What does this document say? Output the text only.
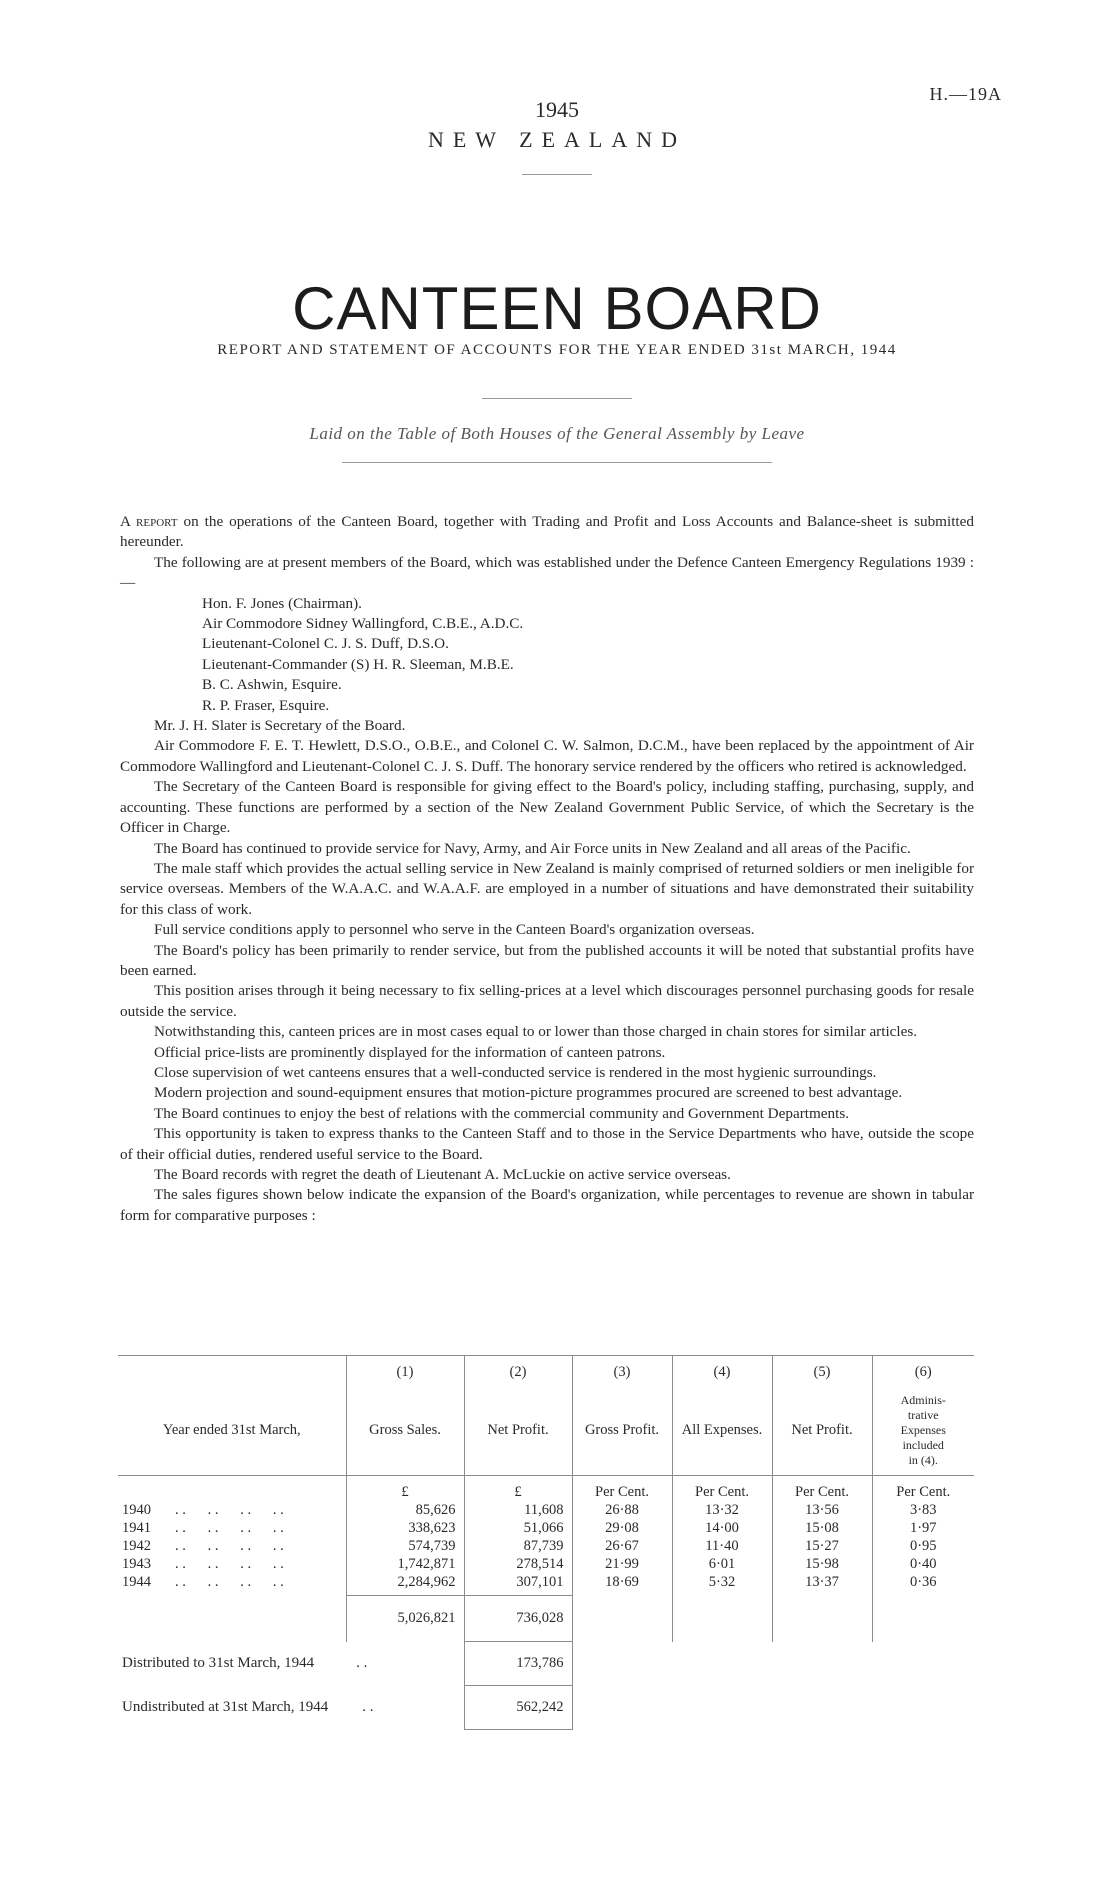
H.—19A
1945
NEW ZEALAND
CANTEEN BOARD
REPORT AND STATEMENT OF ACCOUNTS FOR THE YEAR ENDED 31st MARCH, 1944
Laid on the Table of Both Houses of the General Assembly by Leave

A report on the operations of the Canteen Board, together with Trading and Profit and Loss Accounts and Balance-sheet is submitted hereunder.

The following are at present members of the Board, which was established under the Defence Canteen Emergency Regulations 1939 :—

Hon. F. Jones (Chairman).

Air Commodore Sidney Wallingford, C.B.E., A.D.C.

Lieutenant-Colonel C. J. S. Duff, D.S.O.

Lieutenant-Commander (S) H. R. Sleeman, M.B.E.

B. C. Ashwin, Esquire.

R. P. Fraser, Esquire.

Mr. J. H. Slater is Secretary of the Board.

Air Commodore F. E. T. Hewlett, D.S.O., O.B.E., and Colonel C. W. Salmon, D.C.M., have been replaced by the appointment of Air Commodore Wallingford and Lieutenant-Colonel C. J. S. Duff. The honorary service rendered by the officers who retired is acknowledged.

The Secretary of the Canteen Board is responsible for giving effect to the Board's policy, including staffing, purchasing, supply, and accounting. These functions are performed by a section of the New Zealand Government Public Service, of which the Secretary is the Officer in Charge.

The Board has continued to provide service for Navy, Army, and Air Force units in New Zealand and all areas of the Pacific.

The male staff which provides the actual selling service in New Zealand is mainly comprised of returned soldiers or men ineligible for service overseas. Members of the W.A.A.C. and W.A.A.F. are employed in a number of situations and have demonstrated their suitability for this class of work.

Full service conditions apply to personnel who serve in the Canteen Board's organization overseas.

The Board's policy has been primarily to render service, but from the published accounts it will be noted that substantial profits have been earned.

This position arises through it being necessary to fix selling-prices at a level which discourages personnel purchasing goods for resale outside the service.

Notwithstanding this, canteen prices are in most cases equal to or lower than those charged in chain stores for similar articles.

Official price-lists are prominently displayed for the information of canteen patrons.

Close supervision of wet canteens ensures that a well-conducted service is rendered in the most hygienic surroundings.

Modern projection and sound-equipment ensures that motion-picture programmes procured are screened to best advantage.

The Board continues to enjoy the best of relations with the commercial community and Government Departments.

This opportunity is taken to express thanks to the Canteen Staff and to those in the Service Departments who have, outside the scope of their official duties, rendered useful service to the Board.

The Board records with regret the death of Lieutenant A. McLuckie on active service overseas.

The sales figures shown below indicate the expansion of the Board's organization, while percentages to revenue are shown in tabular form for comparative purposes :

	(1)	(2)	(3)	(4)	(5)	(6)
Year ended 31st March,	Gross Sales.	Net Profit.	Gross Profit.	All Expenses.	Net Profit.	Adminis-
trative
Expenses
included
in (4).

	£	£	Per Cent.	Per Cent.	Per Cent.	Per Cent.
1940 . .      . .      . .      . .	85,626	11,608	26·88	13·32	13·56	3·83
1941 . .      . .      . .      . .	338,623	51,066	29·08	14·00	15·08	1·97
1942 . .      . .      . .      . .	574,739	87,739	26·67	11·40	15·27	0·95
1943 . .      . .      . .      . .	1,742,871	278,514	21·99	6·01	15·98	0·40
1944 . .      . .      . .      . .	2,284,962	307,101	18·69	5·32	13·37	0·36
	5,026,821	736,028				
Distributed to 31st March, 1944 . .		173,786				
Undistributed at 31st March, 1944 . .		562,242				
